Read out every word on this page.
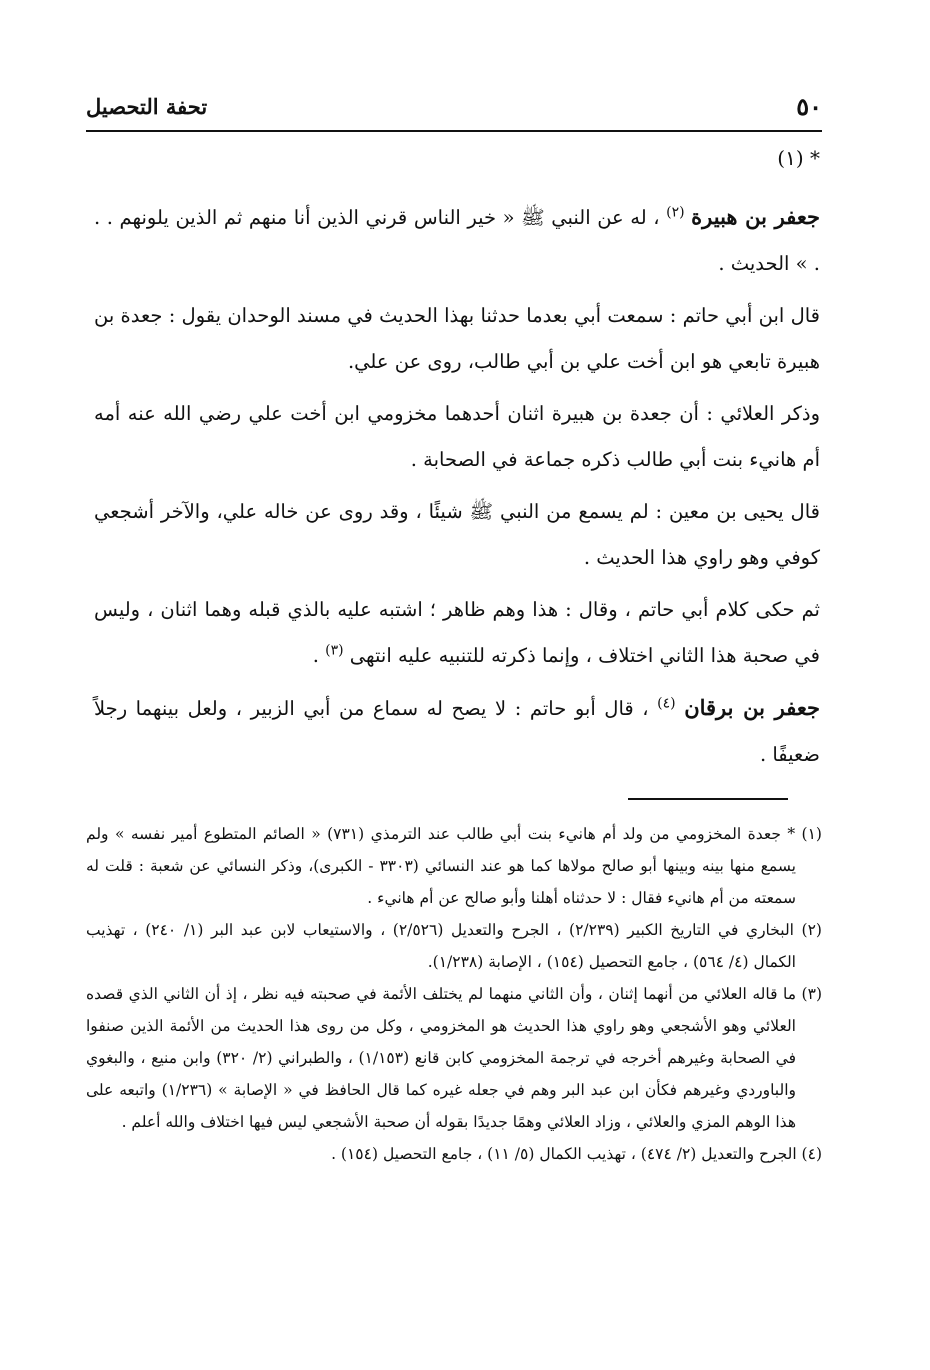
٥٠
تحفة التحصيل
* (١)

جعفر بن هبيرة $^{(٢)}$ ، له عن النبي ﷺ « خير الناس قرني الذين أنا منهم ثم الذين يلونهم . . . » الحديث .

قال ابن أبي حاتم : سمعت أبي بعدما حدثنا بهذا الحديث في مسند الوحدان يقول : جعدة بن هبيرة تابعي هو ابن أخت علي بن أبي طالب، روى عن علي.

وذكر العلائي : أن جعدة بن هبيرة اثنان أحدهما مخزومي ابن أخت علي رضي الله عنه أمه أم هانيء بنت أبي طالب ذكره جماعة في الصحابة .

قال يحيى بن معين : لم يسمع من النبي ﷺ شيئًا ، وقد روى عن خاله علي، والآخر أشجعي كوفي وهو راوي هذا الحديث .

ثم حكى كلام أبي حاتم ، وقال : هذا وهم ظاهر ؛ اشتبه عليه بالذي قبله وهما اثنان ، وليس في صحبة هذا الثاني اختلاف ، وإنما ذكرته للتنبيه عليه انتهى $^{(٣)}$ .

جعفر بن برقان $^{(٤)}$ ، قال أبو حاتم : لا يصح له سماع من أبي الزبير ، ولعل بينهما رجلاً ضعيفًا .

(١) * جعدة المخزومي من ولد أم هانيء بنت أبي طالب عند الترمذي (٧٣١) « الصائم المتطوع أمير نفسه » ولم يسمع منها بينه وبينها أبو صالح مولاها كما هو عند النسائي (٣٣٠٣ - الكبرى)، وذكر النسائي عن شعبة : قلت له سمعته من أم هانيء فقال : لا حدثناه أهلنا وأبو صالح عن أم هانيء .

(٢) البخاري في التاريخ الكبير (٢/٢٣٩) ، الجرح والتعديل (٢/٥٢٦) ، والاستيعاب لابن عبد البر (١/ ٢٤٠) ، تهذيب الكمال (٤/ ٥٦٤) ، جامع التحصيل (١٥٤) ، الإصابة (١/٢٣٨).

(٣) ما قاله العلائي من أنهما إثنان ، وأن الثاني منهما لم يختلف الأئمة في صحبته فيه نظر ، إذ أن الثاني الذي قصده العلائي وهو الأشجعي وهو راوي هذا الحديث هو المخزومي ، وكل من روى هذا الحديث من الأئمة الذين صنفوا في الصحابة وغيرهم أخرجه في ترجمة المخزومي كابن قانع (١/١٥٣) ، والطبراني (٢/ ٣٢٠) وابن منيع ، والبغوي والباوردي وغيرهم فكأن ابن عبد البر وهم في جعله غيره كما قال الحافظ في « الإصابة » (١/٢٣٦) واتبعه على هذا الوهم المزي والعلائي ، وزاد العلائي وهمًا جديدًا بقوله أن صحبة الأشجعي ليس فيها اختلاف والله أعلم .

(٤) الجرح والتعديل (٢/ ٤٧٤) ، تهذيب الكمال (٥/ ١١) ، جامع التحصيل (١٥٤) .
